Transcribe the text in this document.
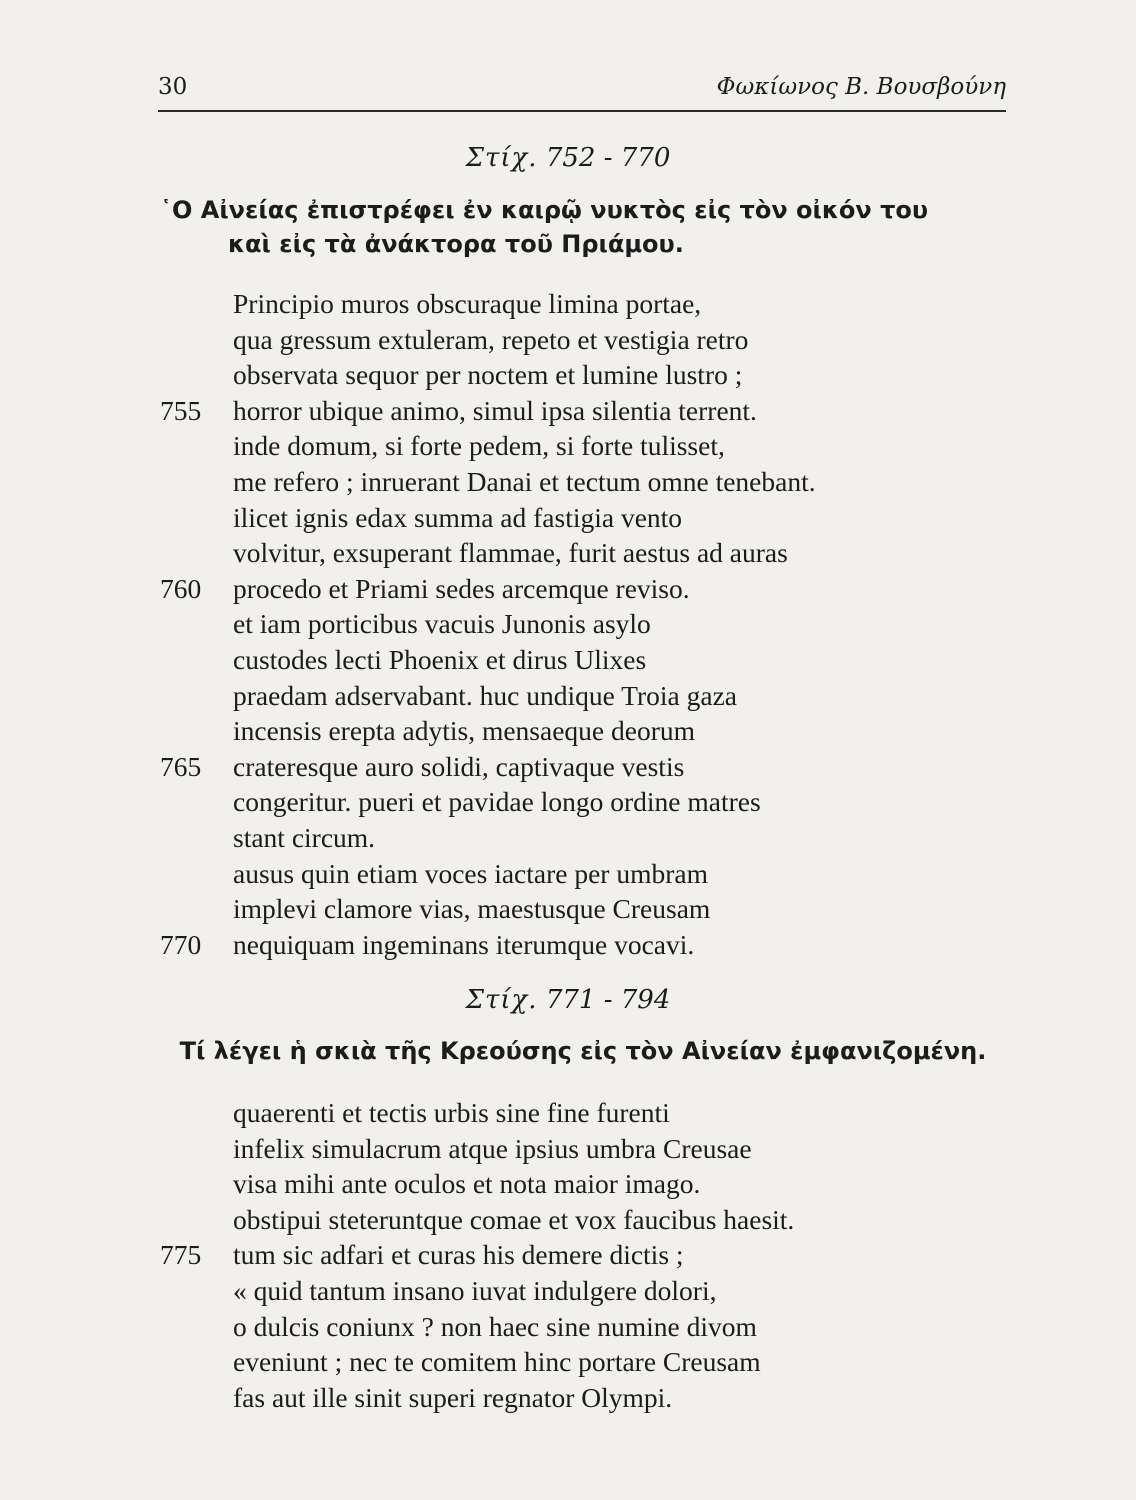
30	Φωκίωνος Β. Βουσβούνη
Στίχ. 752 - 770
῾Ο Αἰνείας ἐπιστρέφει ἐν καιρῷ νυκτὸς εἰς τὸν οἰκόν του
καὶ εἰς τὰ ἀνάκτορα τοῦ Πριάμου.
Principio muros obscuraque limina portae,
qua gressum extuleram, repeto et vestigia retro
observata sequor per noctem et lumine lustro ;
755 horror ubique animo, simul ipsa silentia terrent.
inde domum, si forte pedem, si forte tulisset,
me refero ; inruerant Danai et tectum omne tenebant.
ilicet ignis edax summa ad fastigia vento
volvitur, exsuperant flammae, furit aestus ad auras
760 procedo et Priami sedes arcemque reviso.
et iam porticibus vacuis Junonis asylo
custodes lecti Phoenix et dirus Ulixes
praedam adservabant. huc undique Troia gaza
incensis erepta adytis, mensaeque deorum
765 crateresque auro solidi, captivaque vestis
congeritur. pueri et pavidae longo ordine matres
stant circum.
ausus quin etiam voces iactare per umbram
implevi clamore vias, maestusque Creusam
770 nequiquam ingeminans iterumque vocavi.
Στίχ. 771 - 794
Τί λέγει ἡ σκιὰ τῆς Κρεούσης εἰς τὸν Αἰνείαν ἐμφανιζομένη.
quaerenti et tectis urbis sine fine furenti
infelix simulacrum atque ipsius umbra Creusae
visa mihi ante oculos et nota maior imago.
obstipui steteruntque comae et vox faucibus haesit.
775 tum sic adfari et curas his demere dictis ;
« quid tantum insano iuvat indulgere dolori,
o dulcis coniunx ? non haec sine numine divom
eveniunt ; nec te comitem hinc portare Creusam
fas aut ille sinit superi regnator Olympi.
